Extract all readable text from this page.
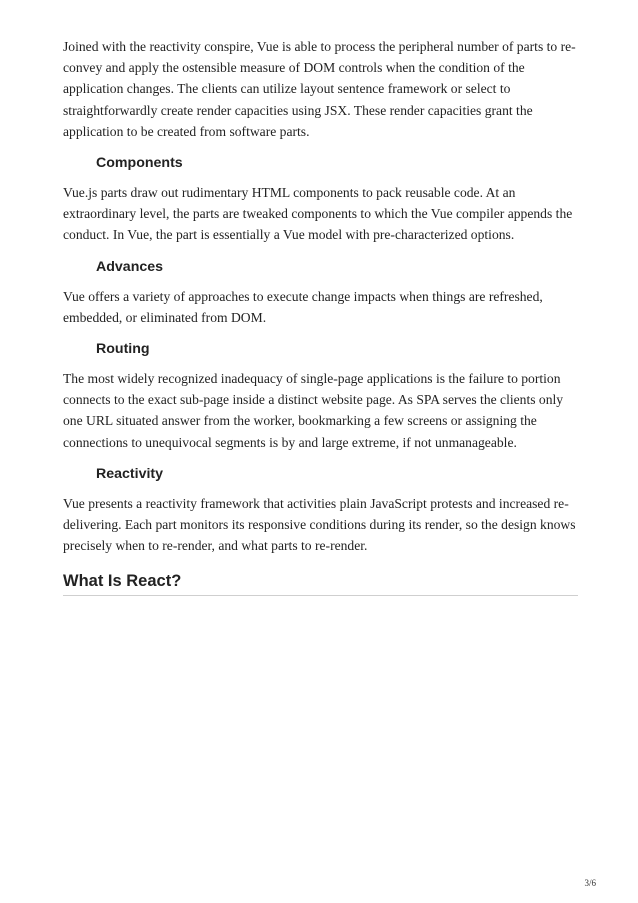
Joined with the reactivity conspire, Vue is able to process the peripheral number of parts to re-convey and apply the ostensible measure of DOM controls when the condition of the application changes. The clients can utilize layout sentence framework or select to straightforwardly create render capacities using JSX. These render capacities grant the application to be created from software parts.

Components

Vue.js parts draw out rudimentary HTML components to pack reusable code. At an extraordinary level, the parts are tweaked components to which the Vue compiler appends the conduct. In Vue, the part is essentially a Vue model with pre-characterized options.

Advances

Vue offers a variety of approaches to execute change impacts when things are refreshed, embedded, or eliminated from DOM.

Routing

The most widely recognized inadequacy of single-page applications is the failure to portion connects to the exact sub-page inside a distinct website page. As SPA serves the clients only one URL situated answer from the worker, bookmarking a few screens or assigning the connections to unequivocal segments is by and large extreme, if not unmanageable.

Reactivity

Vue presents a reactivity framework that activities plain JavaScript protests and increased re-delivering. Each part monitors its responsive conditions during its render, so the design knows precisely when to re-render, and what parts to re-render.

What Is React?
3/6
